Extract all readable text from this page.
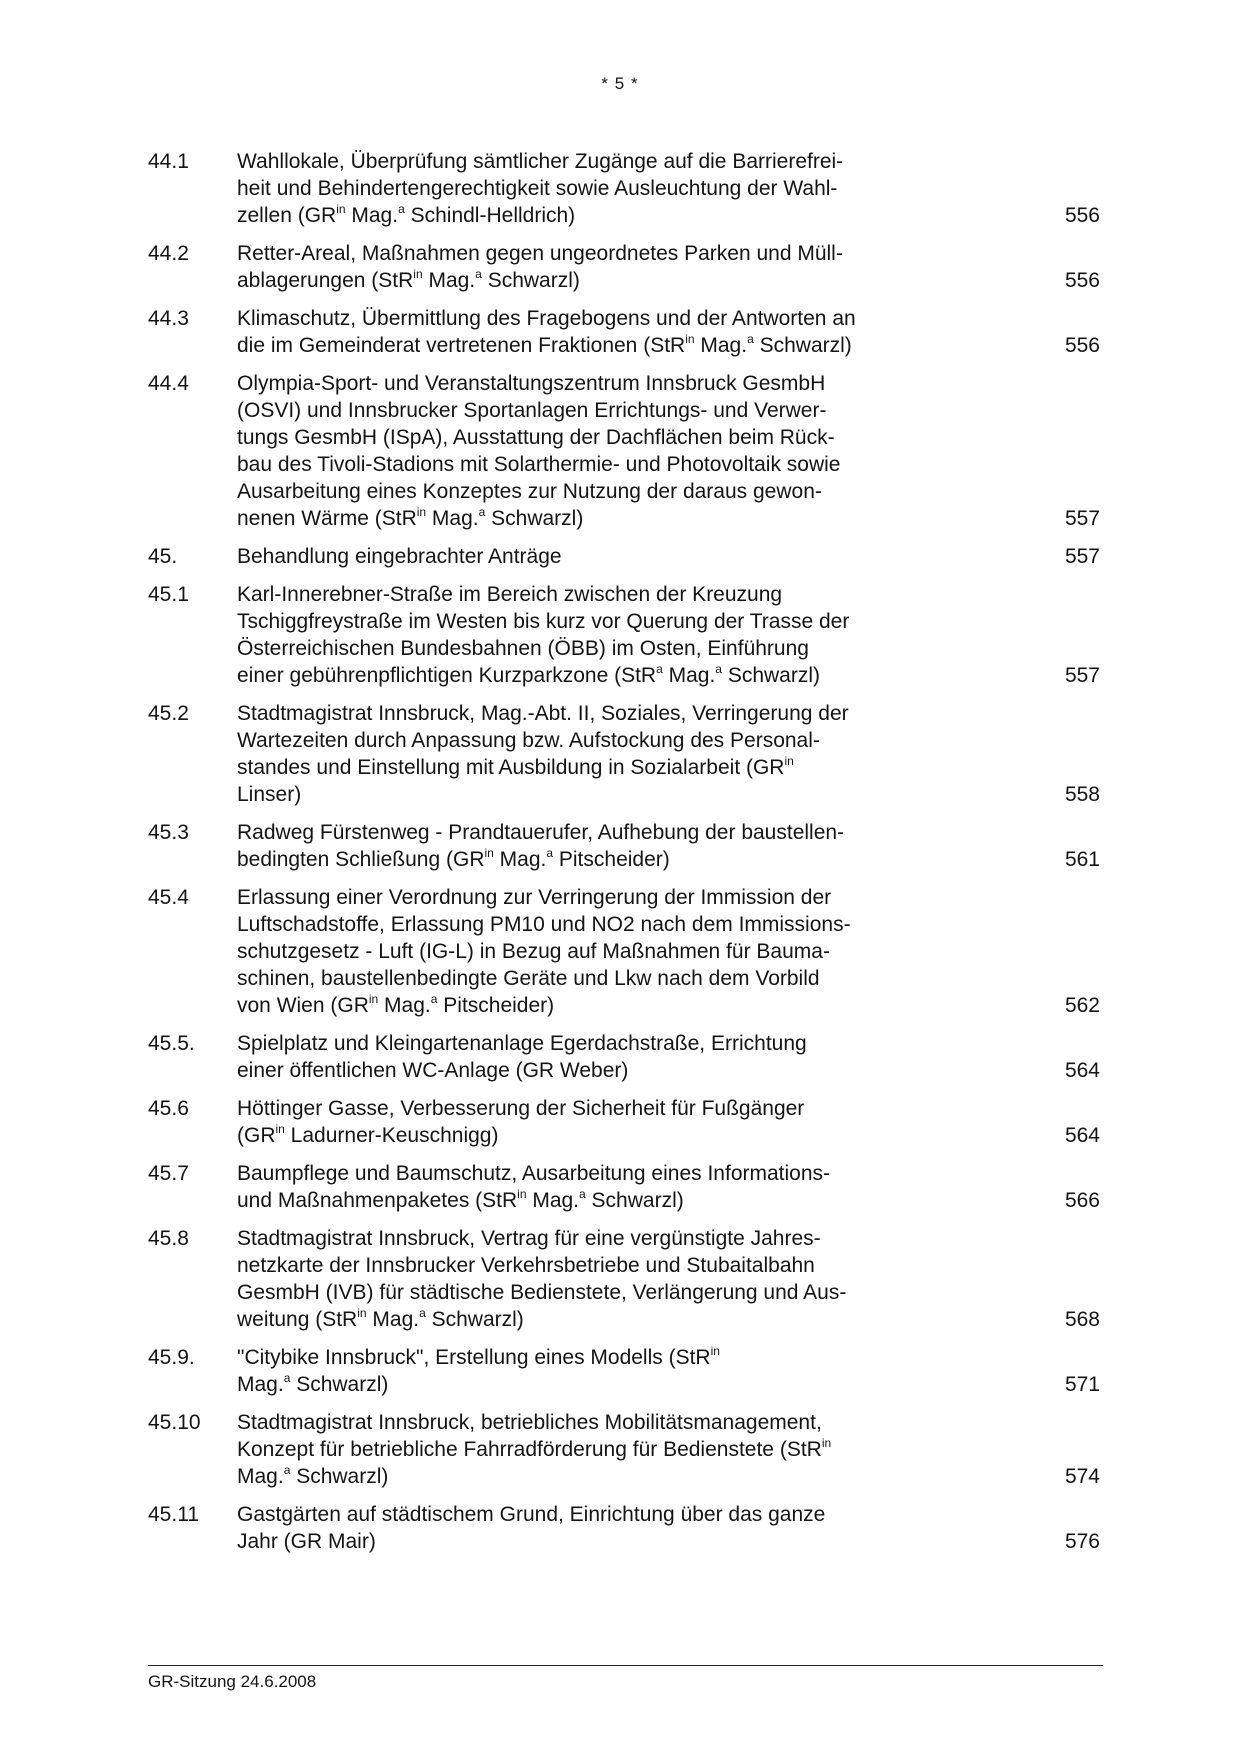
* 5 *
44.1	Wahllokale, Überprüfung sämtlicher Zugänge auf die Barrierefrei-
heit und Behindertengerechtigkeit sowie Ausleuchtung der Wahl-
zellen ($GR^{in}$ Mag.$^a$ Schindl-Helldrich)	556
44.2	Retter-Areal, Maßnahmen gegen ungeordnetes Parken und Müll-
ablagerungen (StR$^{in}$ Mag.$^a$ Schwarzl)	556
44.3	Klimaschutz, Übermittlung des Fragebogens und der Antworten an
die im Gemeinderat vertretenen Fraktionen (StR$^{in}$ Mag.$^a$ Schwarzl)	556
44.4	Olympia-Sport- und Veranstaltungszentrum Innsbruck GesmbH
(OSVI) und Innsbrucker Sportanlagen Errichtungs- und Verwer-
tungs GesmbH (ISpA), Ausstattung der Dachflächen beim Rück-
bau des Tivoli-Stadions mit Solarthermie- und Photovoltaik sowie
Ausarbeitung eines Konzeptes zur Nutzung der daraus gewon-
nenen Wärme (StR$^{in}$ Mag.$^a$ Schwarzl)	557
45.	Behandlung eingebrachter Anträge	557
45.1	Karl-Innerebner-Straße im Bereich zwischen der Kreuzung
Tschiggfreystraße im Westen bis kurz vor Querung der Trasse der
Österreichischen Bundesbahnen (ÖBB) im Osten, Einführung
einer gebührenpflichtigen Kurzparkzone (StR$^a$ Mag.$^a$ Schwarzl)	557
45.2	Stadtmagistrat Innsbruck, Mag.-Abt. II, Soziales, Verringerung der
Wartezeiten durch Anpassung bzw. Aufstockung des Personal-
standes und Einstellung mit Ausbildung in Sozialarbeit ($GR^{in}$
Linser)	558
45.3	Radweg Fürstenweg - Prandtauerufer, Aufhebung der baustellen-
bedingten Schließung ($GR^{in}$ Mag.$^a$ Pitscheider)	561
45.4	Erlassung einer Verordnung zur Verringerung der Immission der
Luftschadstoffe, Erlassung PM10 und NO2 nach dem Immissions-
schutzgesetz - Luft (IG-L) in Bezug auf Maßnahmen für Bauma-
schinen, baustellenbedingte Geräte und Lkw nach dem Vorbild
von Wien ($GR^{in}$ Mag.$^a$ Pitscheider)	562
45.5.	Spielplatz und Kleingartenanlage Egerdachstraße, Errichtung
einer öffentlichen WC-Anlage (GR Weber)	564
45.6	Höttinger Gasse, Verbesserung der Sicherheit für Fußgänger
($GR^{in}$ Ladurner-Keuschnigg)	564
45.7	Baumpflege und Baumschutz, Ausarbeitung eines Informations-
und Maßnahmenpaketes (StR$^{in}$ Mag.$^a$ Schwarzl)	566
45.8	Stadtmagistrat Innsbruck, Vertrag für eine vergünstigte Jahres-
netzkarte der Innsbrucker Verkehrsbetriebe und Stubaitalbahn
GesmbH (IVB) für städtische Bedienstete, Verlängerung und Aus-
weitung (StR$^{in}$ Mag.$^a$ Schwarzl)	568
45.9.	"Citybike Innsbruck", Erstellung eines Modells (StR$^{in}$
Mag.$^a$ Schwarzl)	571
45.10	Stadtmagistrat Innsbruck, betriebliches Mobilitätsmanagement,
Konzept für betriebliche Fahrradförderung für Bedienstete (StR$^{in}$
Mag.$^a$ Schwarzl)	574
45.11	Gastgärten auf städtischem Grund, Einrichtung über das ganze
Jahr (GR Mair)	576
GR-Sitzung 24.6.2008
